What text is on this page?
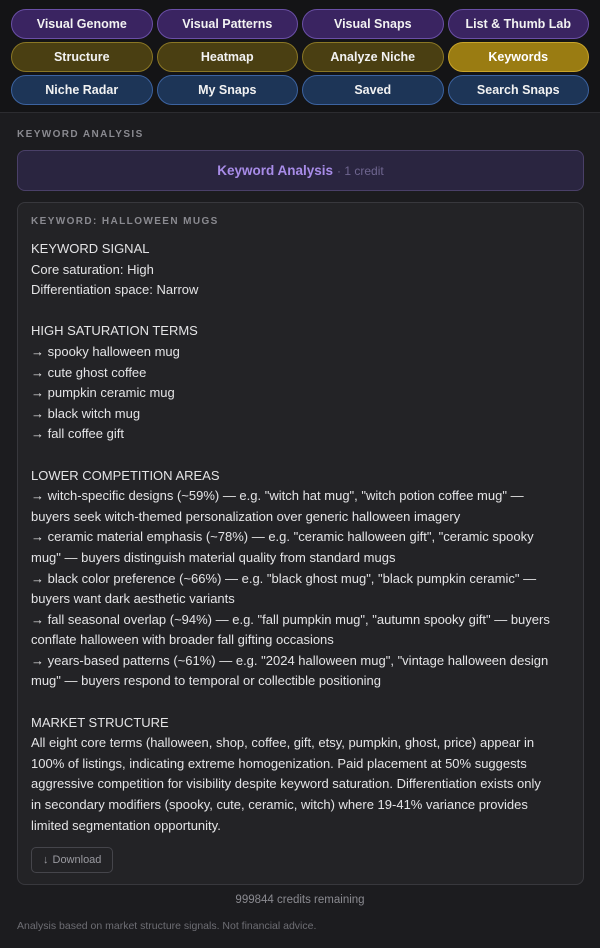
Visual Genome	Visual Patterns	Visual Snaps	List & Thumb Lab
Structure	Heatmap	Analyze Niche	Keywords
Niche Radar	My Snaps	Saved	Search Snaps
KEYWORD ANALYSIS
Keyword Analysis · 1 credit
KEYWORD: HALLOWEEN MUGS
KEYWORD SIGNAL
Core saturation: High
Differentiation space: Narrow
HIGH SATURATION TERMS
→ spooky halloween mug
→ cute ghost coffee
→ pumpkin ceramic mug
→ black witch mug
→ fall coffee gift
LOWER COMPETITION AREAS
→ witch-specific designs (~59%) — e.g. "witch hat mug", "witch potion coffee mug" —
buyers seek witch-themed personalization over generic halloween imagery
→ ceramic material emphasis (~78%) — e.g. "ceramic halloween gift", "ceramic spooky
mug" — buyers distinguish material quality from standard mugs
→ black color preference (~66%) — e.g. "black ghost mug", "black pumpkin ceramic" —
buyers want dark aesthetic variants
→ fall seasonal overlap (~94%) — e.g. "fall pumpkin mug", "autumn spooky gift" — buyers
conflate halloween with broader fall gifting occasions
→ years-based patterns (~61%) — e.g. "2024 halloween mug", "vintage halloween design
mug" — buyers respond to temporal or collectible positioning
MARKET STRUCTURE
All eight core terms (halloween, shop, coffee, gift, etsy, pumpkin, ghost, price) appear in
100% of listings, indicating extreme homogenization. Paid placement at 50% suggests
aggressive competition for visibility despite keyword saturation. Differentiation exists only
in secondary modifiers (spooky, cute, ceramic, witch) where 19-41% variance provides
limited segmentation opportunity.
↓ Download
999844 credits remaining
Analysis based on market structure signals. Not financial advice.
